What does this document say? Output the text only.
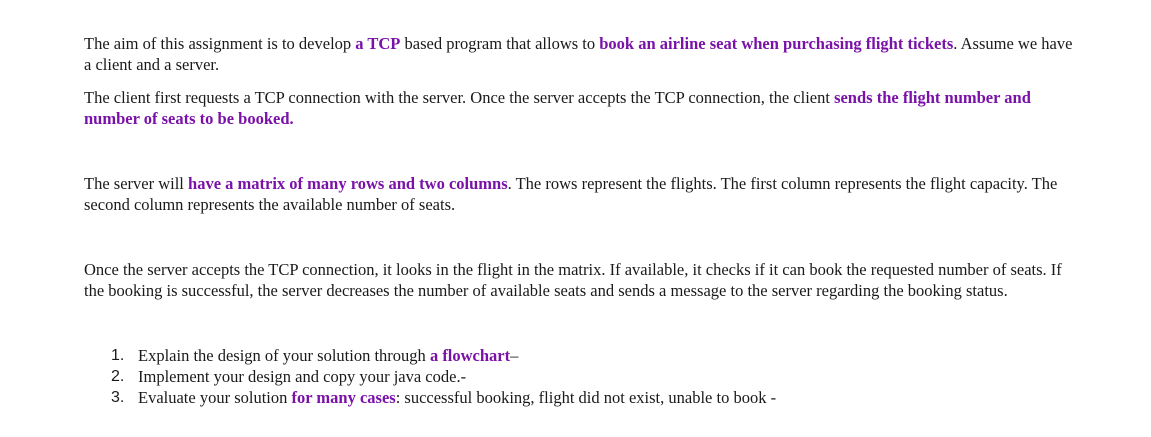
The aim of this assignment is to develop a TCP based program that allows to book an airline seat when purchasing flight tickets. Assume we have a client and a server.

The client first requests a TCP connection with the server. Once the server accepts the TCP connection, the client sends the flight number and number of seats to be booked.

The server will have a matrix of many rows and two columns. The rows represent the flights. The first column represents the flight capacity. The second column represents the available number of seats.

Once the server accepts the TCP connection, it looks in the flight in the matrix. If available, it checks if it can book the requested number of seats. If the booking is successful, the server decreases the number of available seats and sends a message to the server regarding the booking status.

1. Explain the design of your solution through a flowchart–
2. Implement your design and copy your java code.-
3. Evaluate your solution for many cases: successful booking, flight did not exist, unable to book -
